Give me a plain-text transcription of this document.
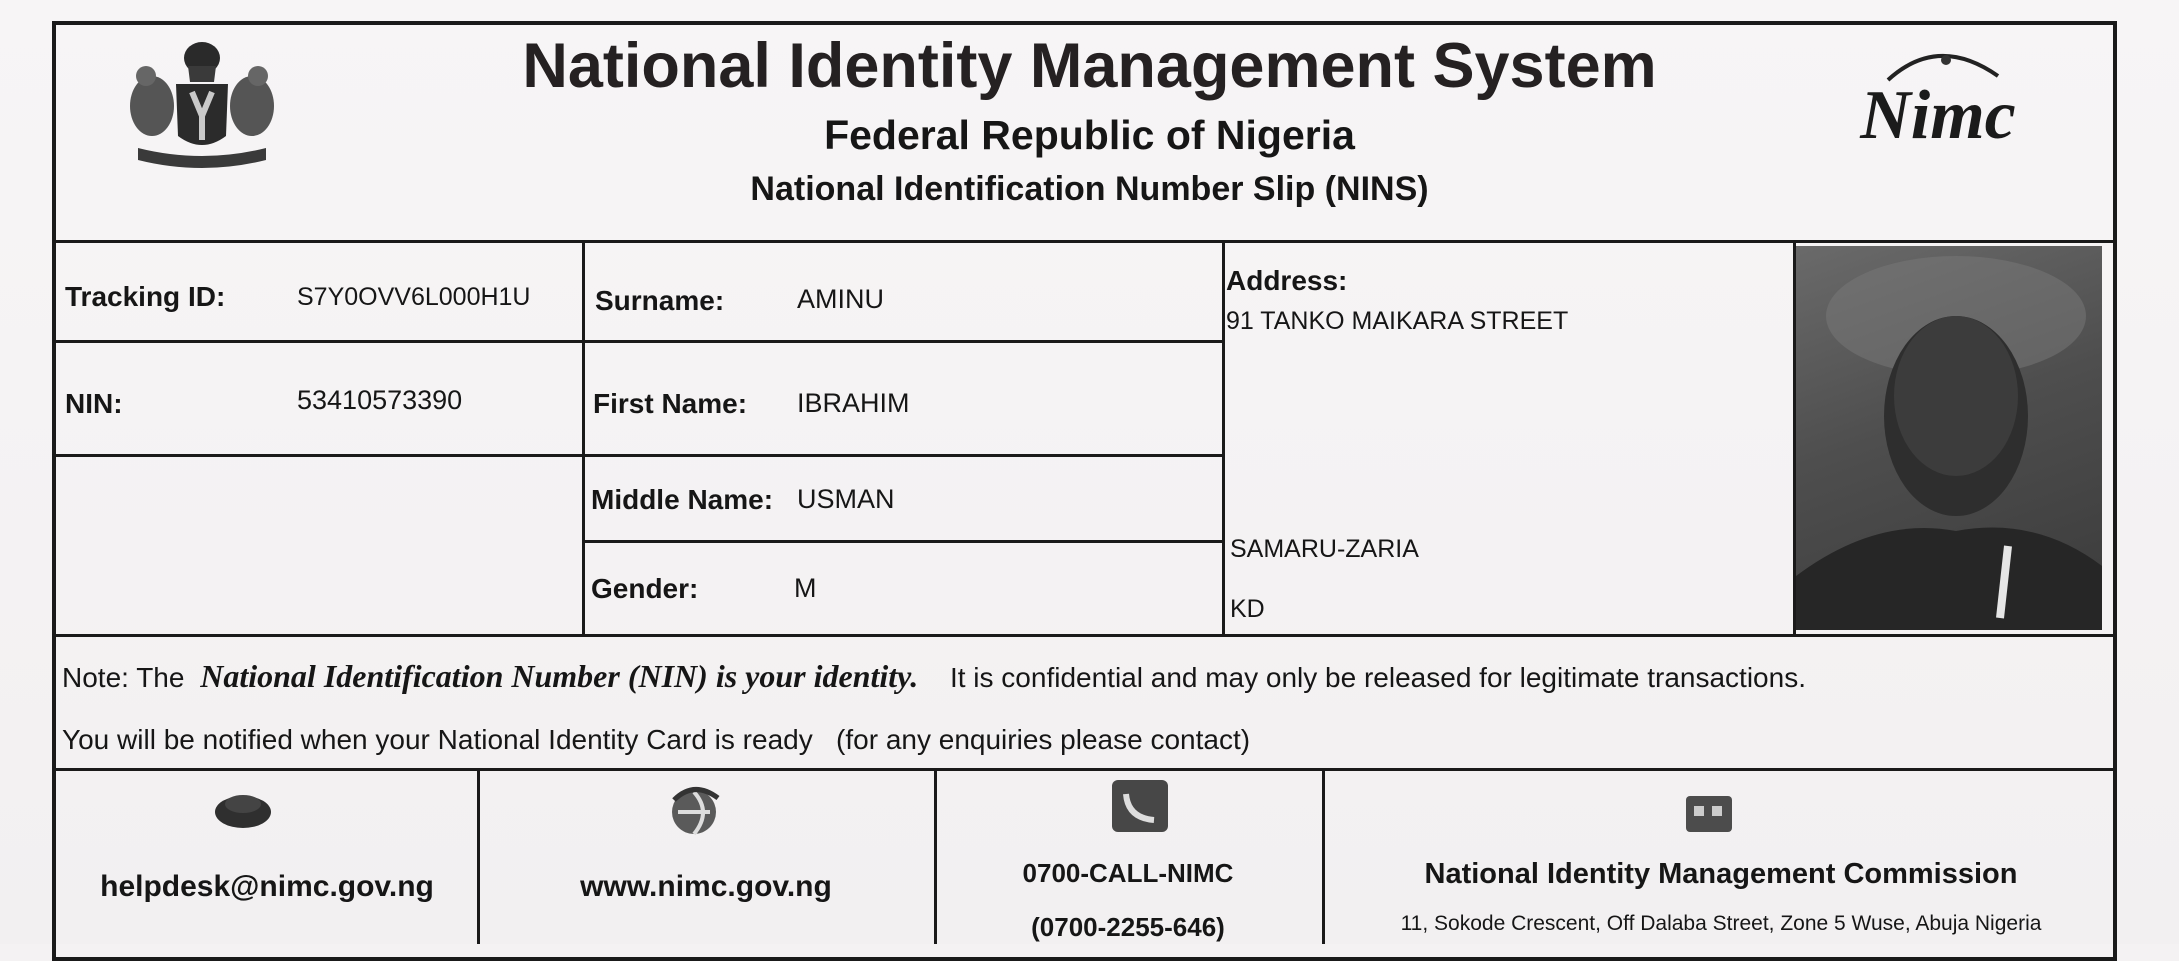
Nimc
National Identity Management System
Federal Republic of Nigeria
National Identification Number Slip (NINS)
Tracking ID:	S7Y0OVV6L000H1U
NIN:	53410573390
Surname:	AMINU
First Name: IBRAHIM
Middle Name: USMAN
Gender:	M
Address:
91 TANKO MAIKARA STREET
SAMARU-ZARIA
KD
Note: The National Identification Number (NIN) is your identity. It is confidential and may only be released for legitimate transactions.
You will be notified when your National Identity Card is ready   (for any enquiries please contact)
helpdesk@nimc.gov.ng	www.nimc.gov.ng	0700-CALL-NIMC
(0700-2255-646)
National Identity Management Commission
11, Sokode Crescent, Off Dalaba Street, Zone 5 Wuse, Abuja Nigeria
